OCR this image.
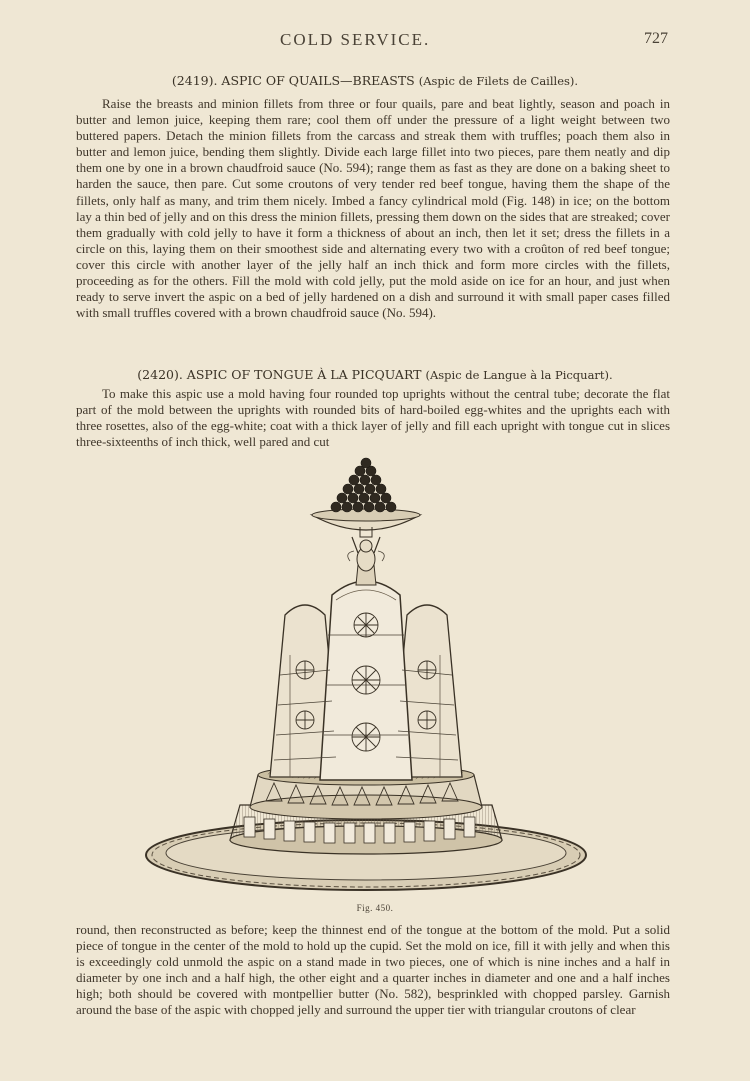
COLD SERVICE.	727
(2419). ASPIC OF QUAILS—BREASTS (Aspic de Filets de Cailles).

Raise the breasts and minion fillets from three or four quails, pare and beat lightly, season and poach in butter and lemon juice, keeping them rare; cool them off under the pressure of a light weight between two buttered papers. Detach the minion fillets from the carcass and streak them with truffles; poach them also in butter and lemon juice, bending them slightly. Divide each large fillet into two pieces, pare them neatly and dip them one by one in a brown chaudfroid sauce (No. 594); range them as fast as they are done on a baking sheet to harden the sauce, then pare. Cut some croutons of very tender red beef tongue, having them the shape of the fillets, only half as many, and trim them nicely. Imbed a fancy cylindrical mold (Fig. 148) in ice; on the bottom lay a thin bed of jelly and on this dress the minion fillets, pressing them down on the sides that are streaked; cover them gradually with cold jelly to have it form a thickness of about an inch, then let it set; dress the fillets in a circle on this, laying them on their smoothest side and alternating every two with a croûton of red beef tongue; cover this circle with another layer of the jelly half an inch thick and form more circles with the fillets, proceeding as for the others. Fill the mold with cold jelly, put the mold aside on ice for an hour, and just when ready to serve invert the aspic on a bed of jelly hardened on a dish and surround it with small paper cases filled with small truffles covered with a brown chaudfroid sauce (No. 594).

(2420). ASPIC OF TONGUE À LA PICQUART (Aspic de Langue à la Picquart).

To make this aspic use a mold having four rounded top uprights without the central tube; decorate the flat part of the mold between the uprights with rounded bits of hard-boiled egg-whites and the uprights each with three rosettes, also of the egg-white; coat with a thick layer of jelly and fill each upright with tongue cut in slices three-sixteenths of inch thick, well pared and cut

Fig. 450.

round, then reconstructed as before; keep the thinnest end of the tongue at the bottom of the mold. Put a solid piece of tongue in the center of the mold to hold up the cupid. Set the mold on ice, fill it with jelly and when this is exceedingly cold unmold the aspic on a stand made in two pieces, one of which is nine inches and a half in diameter by one inch and a half high, the other eight and a quarter inches in diameter and one and a half inches high; both should be covered with montpellier butter (No. 582), besprinkled with chopped parsley. Garnish around the base of the aspic with chopped jelly and surround the upper tier with triangular croutons of clear
